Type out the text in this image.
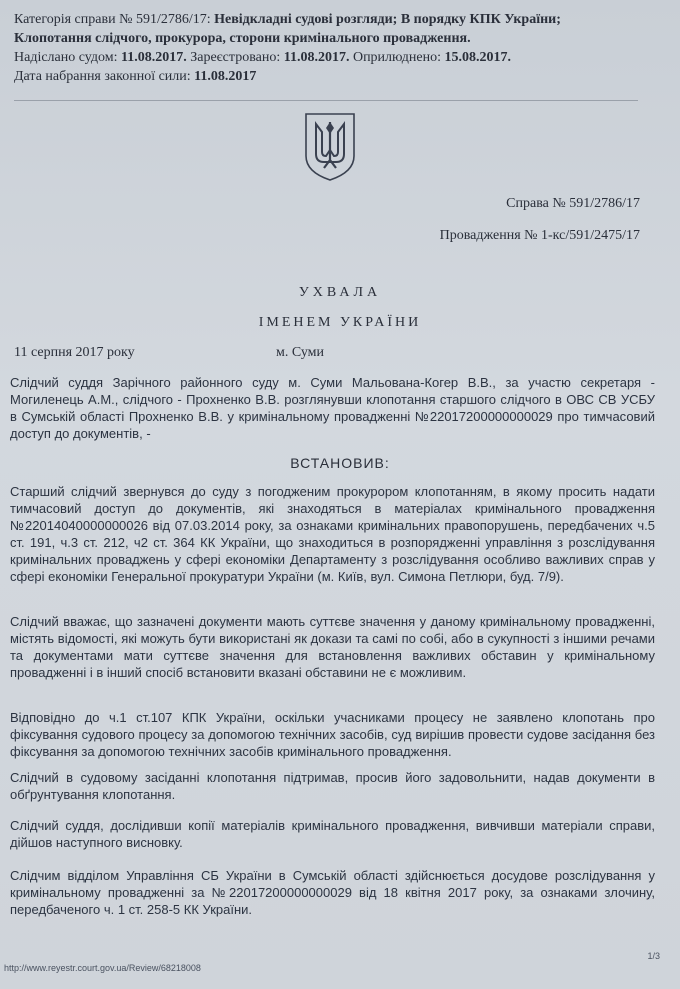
Категорія справи № 591/2786/17: Невідкладні судові розгляди; В порядку КПК України;
Клопотання слідчого, прокурора, сторони кримінального провадження.
Надіслано судом: 11.08.2017. Зареєстровано: 11.08.2017. Оприлюднено: 15.08.2017.
Дата набрання законної сили: 11.08.2017
Справа № 591/2786/17
Провадження № 1-кс/591/2475/17
УХВАЛА
ІМЕНЕМ УКРАЇНИ
11 серпня 2017 року	м. Суми
Слідчий суддя Зарічного районного суду м. Суми Мальована-Когер В.В., за участю секретаря - Могиленець А.М., слідчого - Прохненко В.В. розглянувши клопотання старшого слідчого в ОВС СВ УСБУ в Сумській області Прохненко В.В. у кримінальному провадженні №22017200000000029 про тимчасовий доступ до документів, -
ВСТАНОВИВ:
Старший слідчий звернувся до суду з погодженим прокурором клопотанням, в якому просить надати тимчасовий доступ до документів, які знаходяться в матеріалах кримінального провадження №22014040000000026 від 07.03.2014 року, за ознаками кримінальних правопорушень, передбачених ч.5 ст. 191, ч.3 ст. 212, ч2 ст. 364 КК України, що знаходиться в розпорядженні управління з розслідування кримінальних проваджень у сфері економіки Департаменту з розслідування особливо важливих справ у сфері економіки Генеральної прокуратури України (м. Київ, вул. Симона Петлюри, буд. 7/9).
Слідчий вважає, що зазначені документи мають суттєве значення у даному кримінальному провадженні, містять відомості, які можуть бути використані як докази та самі по собі, або в сукупності з іншими речами та документами мати суттєве значення для встановлення важливих обставин у кримінальному провадженні і в інший спосіб встановити вказані обставини не є можливим.
Відповідно до ч.1 ст.107 КПК України, оскільки учасниками процесу не заявлено клопотань про фіксування судового процесу за допомогою технічних засобів, суд вирішив провести судове засідання без фіксування за допомогою технічних засобів кримінального провадження.
Слідчий в судовому засіданні клопотання підтримав, просив його задовольнити, надав документи в обґрунтування клопотання.
Слідчий суддя, дослідивши копії матеріалів кримінального провадження, вивчивши матеріали справи, дійшов наступного висновку.
Слідчим відділом Управління СБ України в Сумській області здійснюється досудове розслідування у кримінальному провадженні за №22017200000000029 від 18 квітня 2017 року, за ознаками злочину, передбаченого ч. 1 ст. 258-5 КК України.
http://www.reyestr.court.gov.ua/Review/68218008
1/3
